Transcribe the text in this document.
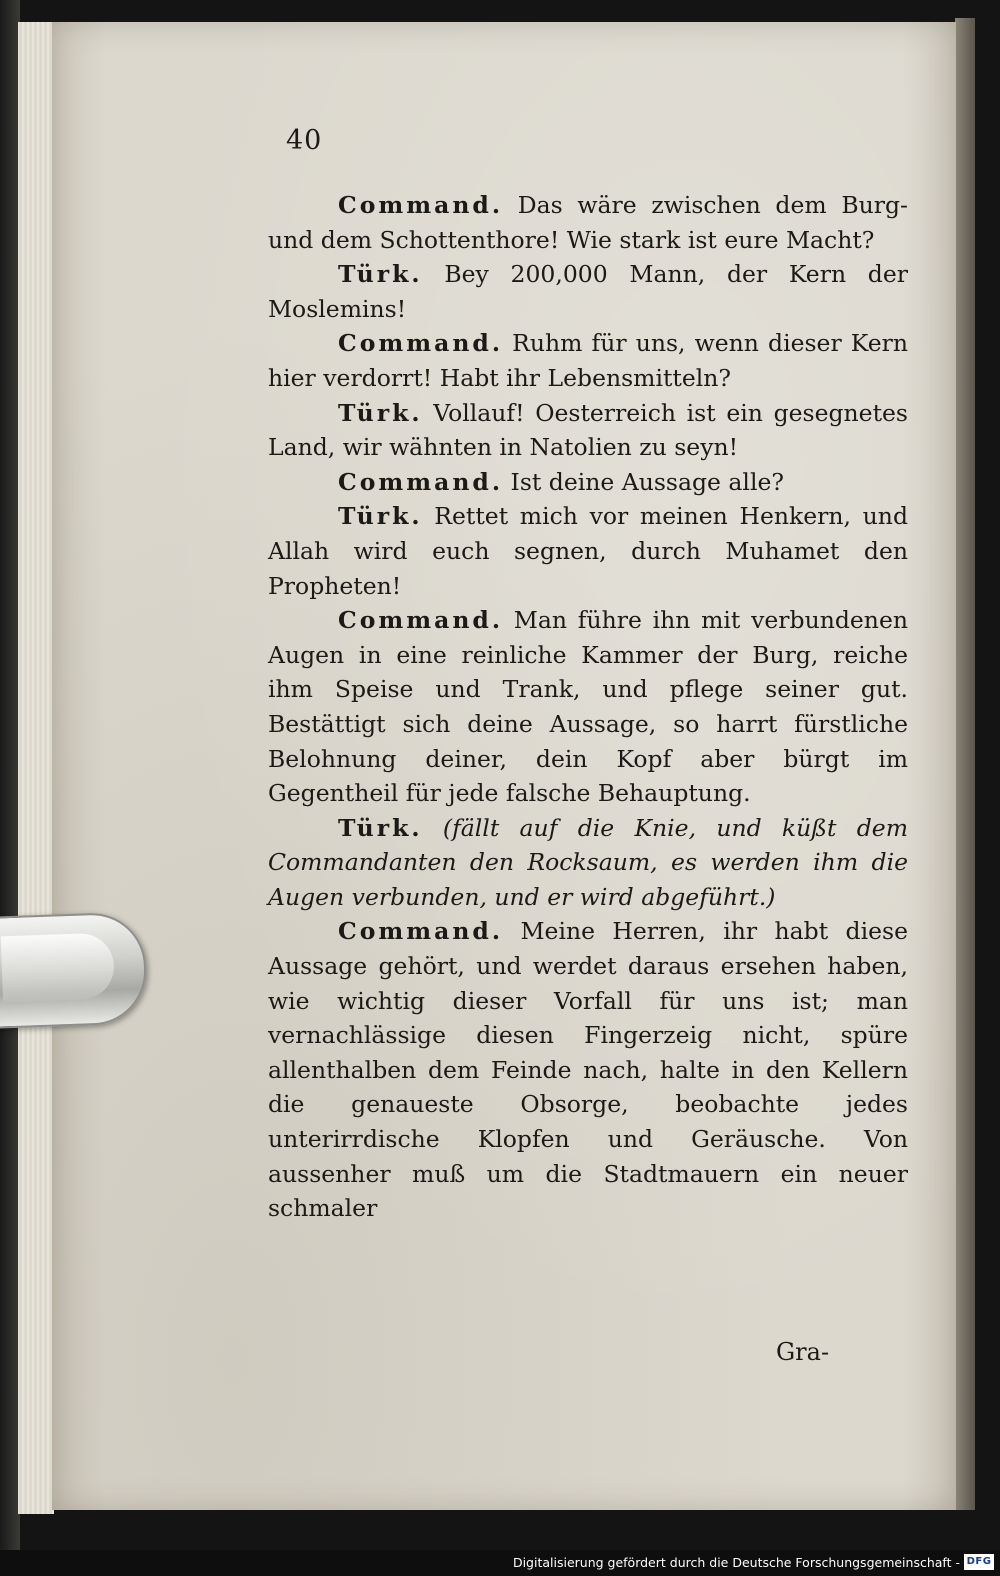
40

Command. Das wäre zwischen dem Burg- und dem Schottenthore! Wie stark ist eure Macht?

Türk. Bey 200,000 Mann, der Kern der Moslemins!

Command. Ruhm für uns, wenn dieser Kern hier verdorrt! Habt ihr Lebensmitteln?

Türk. Vollauf! Oesterreich ist ein gesegnetes Land, wir wähnten in Natolien zu seyn!

Command. Ist deine Aussage alle?

Türk. Rettet mich vor meinen Henkern, und Allah wird euch segnen, durch Muhamet den Propheten!

Command. Man führe ihn mit verbundenen Augen in eine reinliche Kammer der Burg, reiche ihm Speise und Trank, und pflege seiner gut. Bestättigt sich deine Aussage, so harrt fürstliche Belohnung deiner, dein Kopf aber bürgt im Gegentheil für jede falsche Behauptung.

Türk. (fällt auf die Knie, und küßt dem Commandanten den Rocksaum, es werden ihm die Augen verbunden, und er wird abgeführt.)

Command. Meine Herren, ihr habt diese Aussage gehört, und werdet daraus ersehen haben, wie wichtig dieser Vorfall für uns ist; man vernachlässige diesen Fingerzeig nicht, spüre allenthalben dem Feinde nach, halte in den Kellern die genaueste Obsorge, beobachte jedes unterirrdische Klopfen und Geräusche. Von aussenher muß um die Stadtmauern ein neuer schmaler

Gra-
Digitalisierung gefördert durch die Deutsche Forschungsgemeinschaft - DFG
